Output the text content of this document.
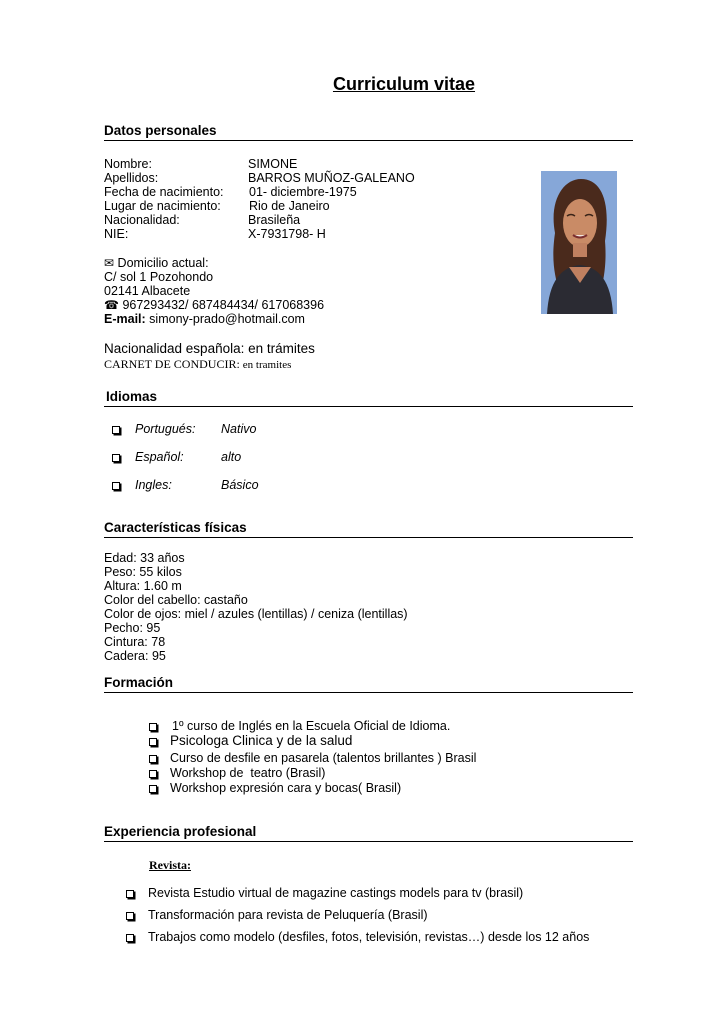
Curriculum vitae
Datos personales
Nombre:
Apellidos:
Fecha de nacimiento:
Lugar de nacimiento:
Nacionalidad:
NIE:
SIMONE
BARROS MUÑOZ-GALEANO
01- diciembre-1975
Rio de Janeiro
Brasileña
X-7931798- H
✉ Domicilio actual:
C/ sol 1 Pozohondo
02141 Albacete
☎ 967293432/ 687484434/ 617068396
E-mail: simony-prado@hotmail.com
Nacionalidad española: en trámites
CARNET DE CONDUCIR: en tramites
Idiomas
Portugués: Nativo
Español:	alto
Ingles:	Básico
Características físicas
Edad: 33 años
Peso: 55 kilos
Altura: 1.60 m
Color del cabello: castaño
Color de ojos: miel / azules (lentillas) / ceniza (lentillas)
Pecho: 95
Cintura: 78
Cadera: 95
Formación
1º curso de Inglés en la Escuela Oficial de Idioma.
Psicologa Clinica y de la salud
Curso de desfile en pasarela (talentos brillantes ) Brasil
Workshop de  teatro (Brasil)
Workshop expresión cara y bocas( Brasil)
Experiencia profesional
Revista:
Revista Estudio virtual de magazine castings models para tv (brasil)
Transformación para revista de Peluquería (Brasil)
Trabajos como modelo (desfiles, fotos, televisión, revistas…) desde los 12 años
